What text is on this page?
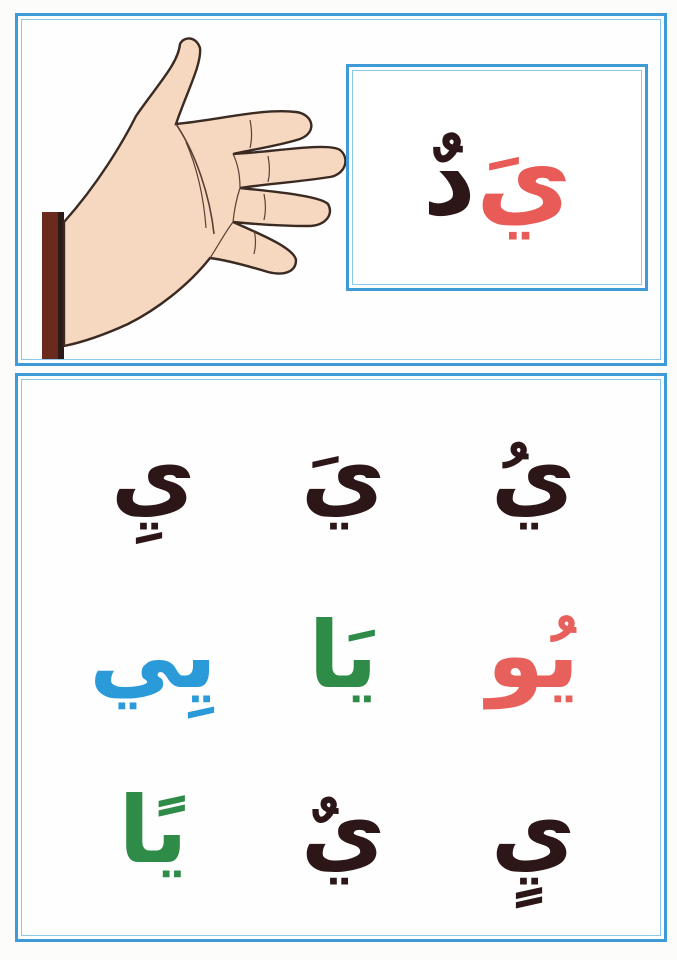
يَ
دٌ
يُ
يَ
يِ
يُو
يَا
يِي
يٍ
يٌ
يًا
